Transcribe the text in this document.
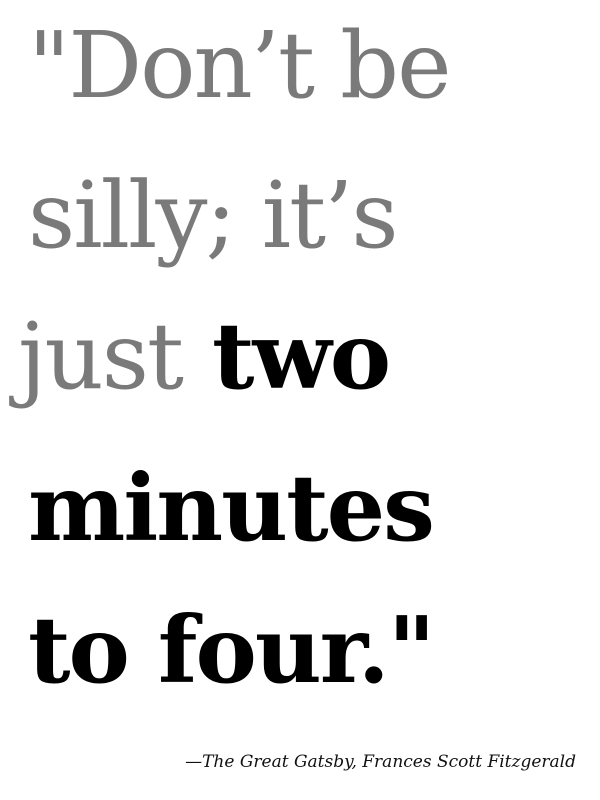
"Don’t be
silly; it’s
just two
minutes
to four."
—The Great Gatsby, Frances Scott Fitzgerald
